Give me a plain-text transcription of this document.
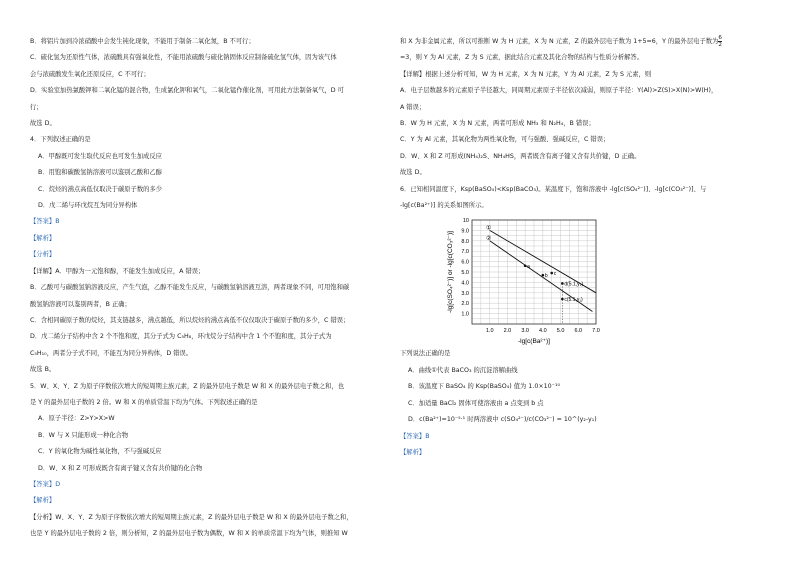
B．将铝片加到冷浓硝酸中会发生钝化现象，不能用于制备二氧化氮，B 不可行；

C．硫化氢为还原性气体，浓硫酸具有强氧化性，不能用浓硫酸与硫化钠固体反应制备硫化氢气体，因为该气体

会与浓硫酸发生氧化还原反应，C 不可行；

D．实验室加热氯酸钾和二氧化锰的混合物，生成氯化钾和氧气，二氧化锰作催化剂，可用此方法制备氧气，D 可

行；

故选 D。

4．下列叙述正确的是

A．甲醇既可发生取代反应也可发生加成反应

B．用饱和碳酸氢钠溶液可以鉴别乙酸和乙醇

C．烷烃的沸点高低仅取决于碳原子数的多少

D．戊二烯与环戊烷互为同分异构体

【答案】B

【解析】

【分析】

【详解】A．甲醇为一元饱和醇，不能发生加成反应，A 错误；

B．乙酸可与碳酸氢钠溶液反应，产生气泡，乙醇不能发生反应，与碳酸氢钠溶液互溶，两者现象不同，可用饱和碳

酸氢钠溶液可以鉴别两者，B 正确；

C．含相同碳原子数的烷烃，其支链越多，沸点越低，所以烷烃的沸点高低不仅仅取决于碳原子数的多少，C 错误；

D．戊二烯分子结构中含 2 个不饱和度，其分子式为 C₅H₈，环戊烷分子结构中含 1 个不饱和度，其分子式为

C₅H₁₀，两者分子式不同，不能互为同分异构体，D 错误。

故选 B。

5．W、X、Y、Z 为原子序数依次增大的短周期主族元素，Z 的最外层电子数是 W 和 X 的最外层电子数之和，也

是 Y 的最外层电子数的 2 倍。W 和 X 的单质常温下均为气体。下列叙述正确的是

A．原子半径：Z>Y>X>W

B．W 与 X 只能形成一种化合物

C．Y 的氧化物为碱性氧化物，不与强碱反应

D．W、X 和 Z 可形成既含有离子键又含有共价键的化合物

【答案】D

【解析】

【分析】W、X、Y、Z 为原子序数依次增大的短周期主族元素，Z 的最外层电子数是 W 和 X 的最外层电子数之和，

也是 Y 的最外层电子数的 2 倍，则分析知，Z 的最外层电子数为偶数，W 和 X 的单质常温下均为气体，则推知 W

和 X 为非金属元素，所以可推断 W 为 H 元素，X 为 N 元素，Z 的最外层电子数为 1+5=6，Y 的最外层电子数为 $\frac{6}{2}$

=3，则 Y 为 Al 元素，Z 为 S 元素，据此结合元素及其化合物的结构与性质分析解答。

【详解】根据上述分析可知，W 为 H 元素，X 为 N 元素，Y 为 Al 元素，Z 为 S 元素，则

A．电子层数越多的元素原子半径越大，同周期元素原子半径依次减弱，则原子半径：Y(Al)>Z(S)>X(N)>W(H)，

A 错误；

B．W 为 H 元素，X 为 N 元素，两者可形成 NH₃ 和 N₂H₄，B 错误；

C．Y 为 Al 元素，其氧化物为两性氧化物，可与强酸、强碱反应，C 错误；

D．W、X 和 Z 可形成(NH₄)₂S、NH₄HS，两者既含有离子键又含有共价键，D 正确。

故选 D。

6．已知相同温度下，Ksp(BaSO₄)<Ksp(BaCO₃)。某温度下，饱和溶液中 -lg[c(SO₄²⁻)]、-lg[c(CO₃²⁻)]、与

-lg[c(Ba²⁺)] 的关系如图所示。

1.0 2.0 3.0 4.0 5.0 6.0 7.0
1.0
2.0
3.0
4.0
5.0
6.0
7.0
8.0
9.0
10
-lg[c(Ba²⁺)]
-lg[c(SO₄²⁻)] or -lg[c(CO₃²⁻)]
①
②
a
b c
d(5.1,y₂)
c(5.1,y₁)

下列说法正确的是

A．曲线①代表 BaCO₃ 的沉淀溶解曲线

B．该温度下 BaSO₄ 的 Ksp(BaSO₄) 值为 1.0×10⁻¹⁰

C．加适量 BaCl₂ 固体可使溶液由 a 点变到 b 点

D．c(Ba²⁺)=10⁻⁵·¹ 时两溶液中 c(SO₄²⁻)/c(CO₃²⁻) = 10^(y₂-y₁)

【答案】B

【解析】
